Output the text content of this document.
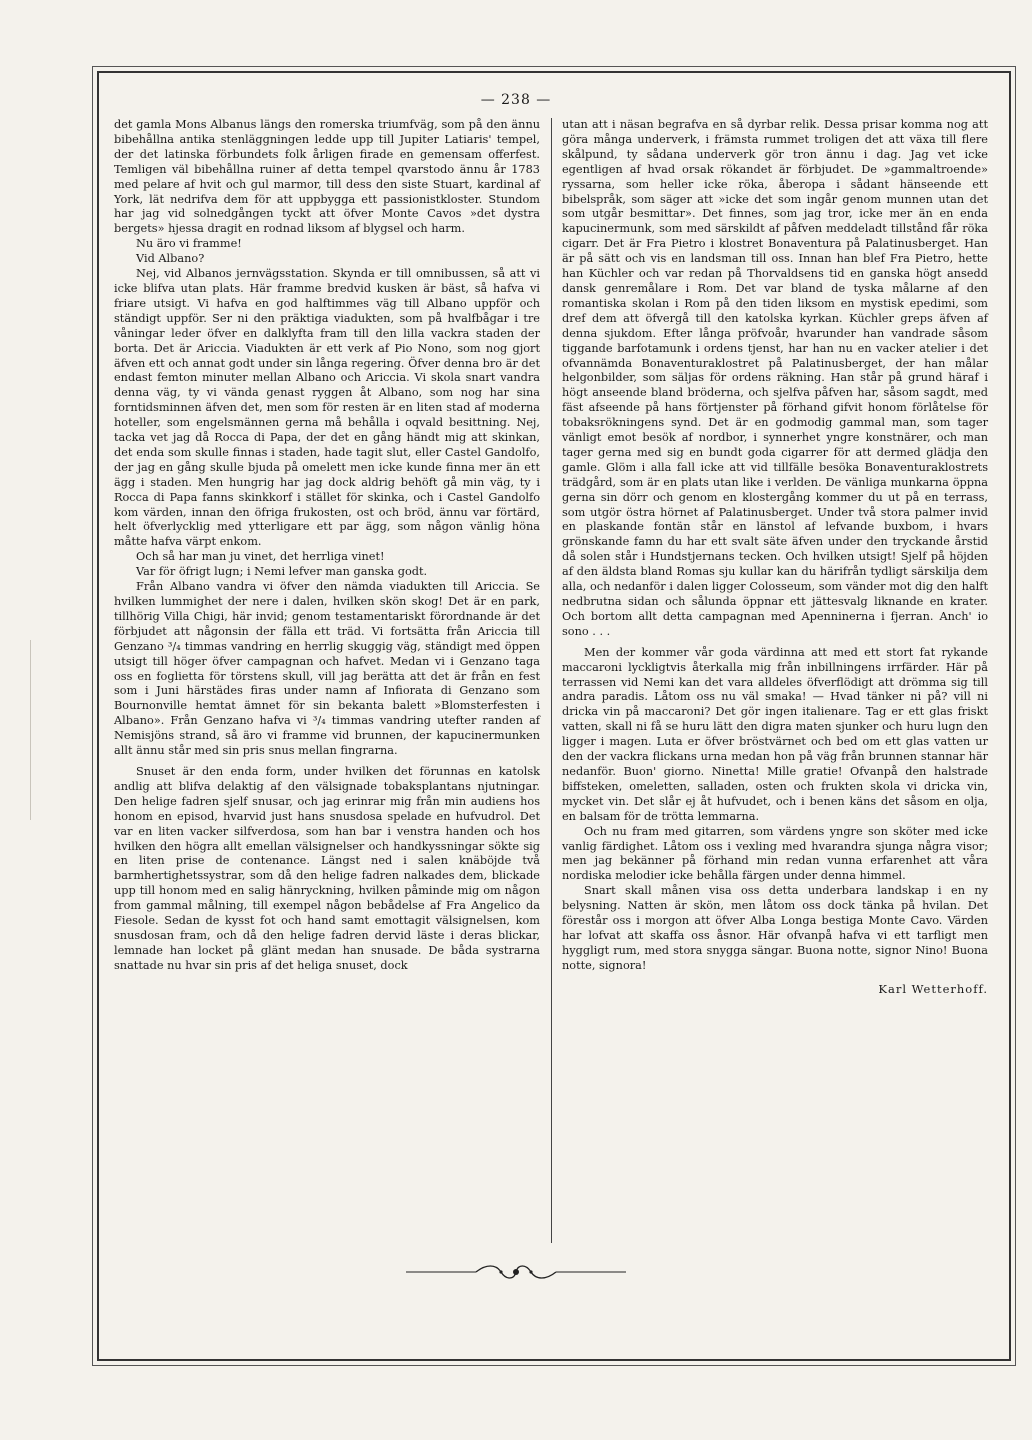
— 238 —

det gamla Mons Albanus längs den romerska triumfväg, som på den ännu bibehållna antika stenläggningen ledde upp till Jupiter Latiaris' tempel, der det latinska förbundets folk årligen firade en gemensam offerfest. Temligen väl bibehållna ruiner af detta tempel qvarstodo ännu år 1783 med pelare af hvit och gul marmor, till dess den siste Stuart, kardinal af York, lät nedrifva dem för att uppbygga ett passionistkloster. Stundom har jag vid solnedgången tyckt att öfver Monte Cavos »det dystra bergets» hjessa dragit en rodnad liksom af blygsel och harm.

Nu äro vi framme!

Vid Albano?

Nej, vid Albanos jernvägsstation. Skynda er till omnibussen, så att vi icke blifva utan plats. Här framme bredvid kusken är bäst, så hafva vi friare utsigt. Vi hafva en god halftimmes väg till Albano uppför och ständigt uppför. Ser ni den präktiga viadukten, som på hvalfbågar i tre våningar leder öfver en dalklyfta fram till den lilla vackra staden der borta. Det är Ariccia. Viadukten är ett verk af Pio Nono, som nog gjort äfven ett och annat godt under sin långa regering. Öfver denna bro är det endast femton minuter mellan Albano och Ariccia. Vi skola snart vandra denna väg, ty vi vända genast ryggen åt Albano, som nog har sina forntidsminnen äfven det, men som för resten är en liten stad af moderna hoteller, som engelsmännen gerna må behålla i oqvald besittning. Nej, tacka vet jag då Rocca di Papa, der det en gång händt mig att skinkan, det enda som skulle finnas i staden, hade tagit slut, eller Castel Gandolfo, der jag en gång skulle bjuda på omelett men icke kunde finna mer än ett ägg i staden. Men hungrig har jag dock aldrig behöft gå min väg, ty i Rocca di Papa fanns skinkkorf i stället för skinka, och i Castel Gandolfo kom värden, innan den öfriga frukosten, ost och bröd, ännu var förtärd, helt öfverlycklig med ytterligare ett par ägg, som någon vänlig höna måtte hafva värpt enkom.

Och så har man ju vinet, det herrliga vinet!

Var för öfrigt lugn; i Nemi lefver man ganska godt.

Från Albano vandra vi öfver den nämda viadukten till Ariccia. Se hvilken lummighet der nere i dalen, hvilken skön skog! Det är en park, tillhörig Villa Chigi, här invid; genom testamentariskt förordnande är det förbjudet att någonsin der fälla ett träd. Vi fortsätta från Ariccia till Genzano ³/₄ timmas vandring en herrlig skuggig väg, ständigt med öppen utsigt till höger öfver campagnan och hafvet. Medan vi i Genzano taga oss en foglietta för törstens skull, vill jag berätta att det är från en fest som i Juni härstädes firas under namn af Infiorata di Genzano som Bournonville hemtat ämnet för sin bekanta balett »Blomsterfesten i Albano». Från Genzano hafva vi ³/₄ timmas vandring utefter randen af Nemisjöns strand, så äro vi framme vid brunnen, der kapucinermunken allt ännu står med sin pris snus mellan fingrarna.

Snuset är den enda form, under hvilken det förunnas en katolsk andlig att blifva delaktig af den välsignade tobaksplantans njutningar. Den helige fadren sjelf snusar, och jag erinrar mig från min audiens hos honom en episod, hvarvid just hans snusdosa spelade en hufvudrol. Det var en liten vacker silfverdosa, som han bar i venstra handen och hos hvilken den högra allt emellan välsignelser och handkyssningar sökte sig en liten prise de contenance. Längst ned i salen knäböjde två barmhertighetssystrar, som då den helige fadren nalkades dem, blickade upp till honom med en salig hänryckning, hvilken påminde mig om någon from gammal målning, till exempel någon bebådelse af Fra Angelico da Fiesole. Sedan de kysst fot och hand samt emottagit välsignelsen, kom snusdosan fram, och då den helige fadren dervid läste i deras blickar, lemnade han locket på glänt medan han snusade. De båda systrarna snattade nu hvar sin pris af det heliga snuset, dock

utan att i näsan begrafva en så dyrbar relik. Dessa prisar komma nog att göra många underverk, i främsta rummet troligen det att växa till flere skålpund, ty sådana underverk gör tron ännu i dag. Jag vet icke egentligen af hvad orsak rökandet är förbjudet. De »gammaltroende» ryssarna, som heller icke röka, åberopa i sådant hänseende ett bibelspråk, som säger att »icke det som ingår genom munnen utan det som utgår besmittar». Det finnes, som jag tror, icke mer än en enda kapucinermunk, som med särskildt af påfven meddeladt tillstånd får röka cigarr. Det är Fra Pietro i klostret Bonaventura på Palatinusberget. Han är på sätt och vis en landsman till oss. Innan han blef Fra Pietro, hette han Küchler och var redan på Thorvaldsens tid en ganska högt ansedd dansk genremålare i Rom. Det var bland de tyska målarne af den romantiska skolan i Rom på den tiden liksom en mystisk epedimi, som dref dem att öfvergå till den katolska kyrkan. Küchler greps äfven af denna sjukdom. Efter långa pröfvoår, hvarunder han vandrade såsom tiggande barfotamunk i ordens tjenst, har han nu en vacker atelier i det ofvannämda Bonaventuraklostret på Palatinusberget, der han målar helgonbilder, som säljas för ordens räkning. Han står på grund häraf i högt anseende bland bröderna, och sjelfva påfven har, såsom sagdt, med fäst afseende på hans förtjenster på förhand gifvit honom förlåtelse för tobaksrökningens synd. Det är en godmodig gammal man, som tager vänligt emot besök af nordbor, i synnerhet yngre konstnärer, och man tager gerna med sig en bundt goda cigarrer för att dermed glädja den gamle. Glöm i alla fall icke att vid tillfälle besöka Bonaventuraklostrets trädgård, som är en plats utan like i verlden. De vänliga munkarna öppna gerna sin dörr och genom en klostergång kommer du ut på en terrass, som utgör östra hörnet af Palatinusberget. Under två stora palmer invid en plaskande fontän står en länstol af lefvande buxbom, i hvars grönskande famn du har ett svalt säte äfven under den tryckande årstid då solen står i Hundstjernans tecken. Och hvilken utsigt! Sjelf på höjden af den äldsta bland Romas sju kullar kan du härifrån tydligt särskilja dem alla, och nedanför i dalen ligger Colosseum, som vänder mot dig den halft nedbrutna sidan och sålunda öppnar ett jättesvalg liknande en krater. Och bortom allt detta campagnan med Apenninerna i fjerran. Anch' io sono . . .

Men der kommer vår goda värdinna att med ett stort fat rykande maccaroni lyckligtvis återkalla mig från inbillningens irrfärder. Här på terrassen vid Nemi kan det vara alldeles öfverflödigt att drömma sig till andra paradis. Låtom oss nu väl smaka! — Hvad tänker ni på? vill ni dricka vin på maccaroni? Det gör ingen italienare. Tag er ett glas friskt vatten, skall ni få se huru lätt den digra maten sjunker och huru lugn den ligger i magen. Luta er öfver bröstvärnet och bed om ett glas vatten ur den der vackra flickans urna medan hon på väg från brunnen stannar här nedanför. Buon' giorno. Ninetta! Mille gratie! Ofvanpå den halstrade biffsteken, omeletten, salladen, osten och frukten skola vi dricka vin, mycket vin. Det slår ej åt hufvudet, och i benen käns det såsom en olja, en balsam för de trötta lemmarna.

Och nu fram med gitarren, som värdens yngre son sköter med icke vanlig färdighet. Låtom oss i vexling med hvarandra sjunga några visor; men jag bekänner på förhand min redan vunna erfarenhet att våra nordiska melodier icke behålla färgen under denna himmel.

Snart skall månen visa oss detta underbara landskap i en ny belysning. Natten är skön, men låtom oss dock tänka på hvilan. Det förestår oss i morgon att öfver Alba Longa bestiga Monte Cavo. Värden har lofvat att skaffa oss åsnor. Här ofvanpå hafva vi ett tarfligt men hyggligt rum, med stora snygga sängar. Buona notte, signor Nino! Buona notte, signora!

Karl Wetterhoff.
